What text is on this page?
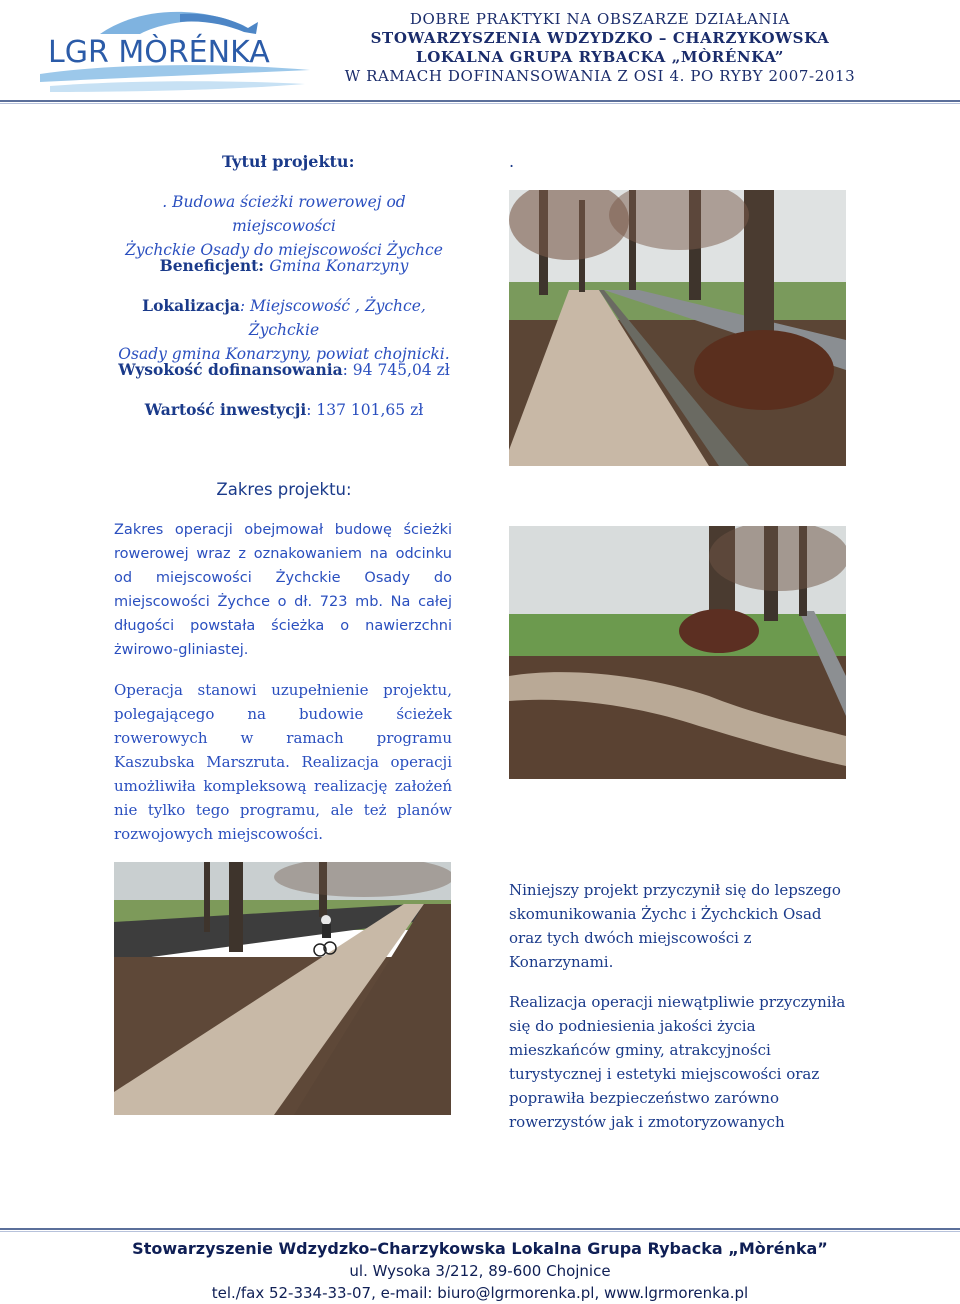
LGR MÒRÉNKA
DOBRE PRAKTYKI NA OBSZARZE DZIAŁANIA
STOWARZYSZENIA WDZYDZKO – CHARZYKOWSKA
LOKALNA GRUPA RYBACKA „MÒRÉNKA”
W RAMACH DOFINANSOWANIA Z OSI 4. PO RYBY 2007-2013
Tytuł projektu:	.
. Budowa ścieżki rowerowej od miejscowości
Żychckie Osady do miejscowości Żychce
Beneficjent: Gmina Konarzyny
Lokalizacja: Miejscowość , Żychce, Żychckie
Osady gmina Konarzyny, powiat chojnicki.
Wysokość dofinansowania: 94 745,04 zł
Wartość inwestycji: 137 101,65 zł
Zakres projektu:
Zakres operacji obejmował budowę ścieżki rowerowej wraz z oznakowaniem na odcinku od miejscowości Żychckie Osady do miejscowości Żychce o dł. 723 mb. Na całej długości powstała ścieżka o nawierzchni żwirowo-gliniastej.
Operacja stanowi uzupełnienie projektu, polegającego na budowie ścieżek rowerowych w ramach programu Kaszubska Marszruta. Realizacja operacji umożliwiła kompleksową realizację założeń nie tylko tego programu, ale też planów rozwojowych miejscowości.
Niniejszy projekt przyczynił się do lepszego skomunikowania Żychc i Żychckich Osad oraz tych dwóch miejscowości z Konarzynami.
Realizacja operacji niewątpliwie przyczyniła się do podniesienia jakości życia mieszkańców gminy, atrakcyjności turystycznej i estetyki miejscowości oraz poprawiła bezpieczeństwo zarówno rowerzystów jak i zmotoryzowanych
Stowarzyszenie Wdzydzko–Charzykowska Lokalna Grupa Rybacka „Mòrénka”
ul. Wysoka 3/212, 89-600 Chojnice
tel./fax 52-334-33-07, e-mail: biuro@lgrmorenka.pl, www.lgrmorenka.pl
